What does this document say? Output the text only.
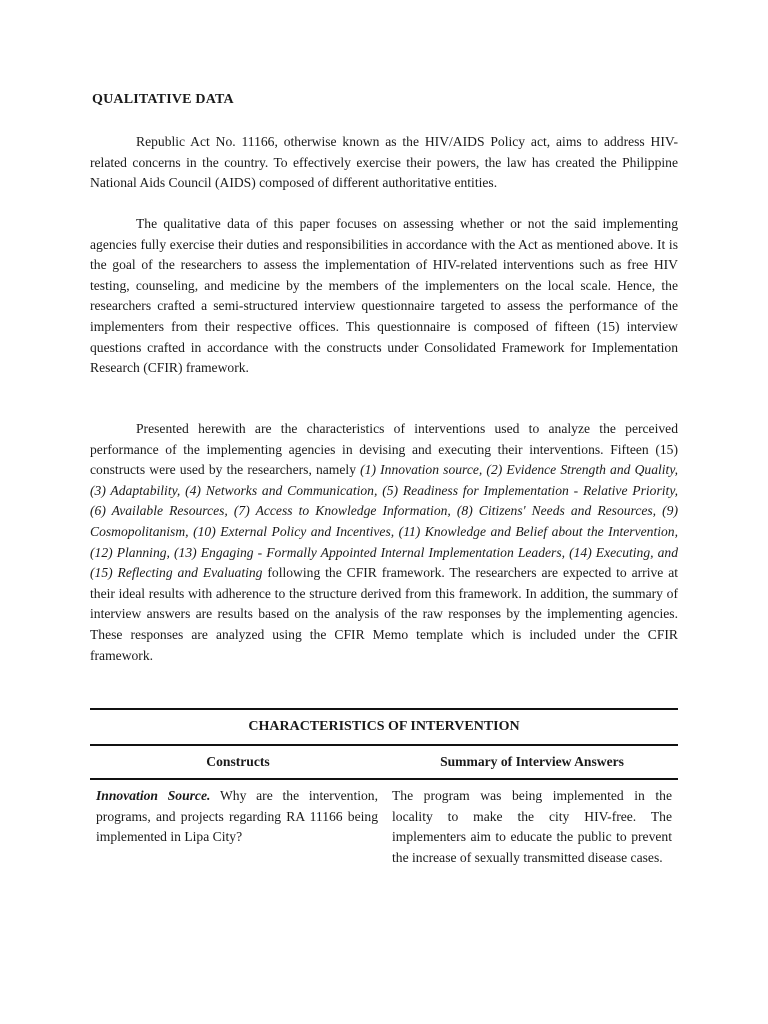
QUALITATIVE DATA

Republic Act No. 11166, otherwise known as the HIV/AIDS Policy act, aims to address HIV-related concerns in the country. To effectively exercise their powers, the law has created the Philippine National Aids Council (AIDS) composed of different authoritative entities.

The qualitative data of this paper focuses on assessing whether or not the said implementing agencies fully exercise their duties and responsibilities in accordance with the Act as mentioned above. It is the goal of the researchers to assess the implementation of HIV-related interventions such as free HIV testing, counseling, and medicine by the members of the implementers on the local scale. Hence, the researchers crafted a semi-structured interview questionnaire targeted to assess the performance of the implementers from their respective offices. This questionnaire is composed of fifteen (15) interview questions crafted in accordance with the constructs under Consolidated Framework for Implementation Research (CFIR) framework.

Presented herewith are the characteristics of interventions used to analyze the perceived performance of the implementing agencies in devising and executing their interventions. Fifteen (15) constructs were used by the researchers, namely (1) Innovation source, (2) Evidence Strength and Quality, (3) Adaptability, (4) Networks and Communication, (5) Readiness for Implementation - Relative Priority, (6) Available Resources, (7) Access to Knowledge Information, (8) Citizens' Needs and Resources, (9) Cosmopolitanism, (10) External Policy and Incentives, (11) Knowledge and Belief about the Intervention, (12) Planning, (13) Engaging - Formally Appointed Internal Implementation Leaders, (14) Executing, and (15) Reflecting and Evaluating following the CFIR framework. The researchers are expected to arrive at their ideal results with adherence to the structure derived from this framework. In addition, the summary of interview answers are results based on the analysis of the raw responses by the implementing agencies. These responses are analyzed using the CFIR Memo template which is included under the CFIR framework.

CHARACTERISTICS OF INTERVENTION
Constructs	Summary of Interview Answers
Innovation Source. Why are the intervention, programs, and projects regarding RA 11166 being implemented in Lipa City?
The program was being implemented in the locality to make the city HIV-free. The implementers aim to educate the public to prevent the increase of sexually transmitted disease cases.
